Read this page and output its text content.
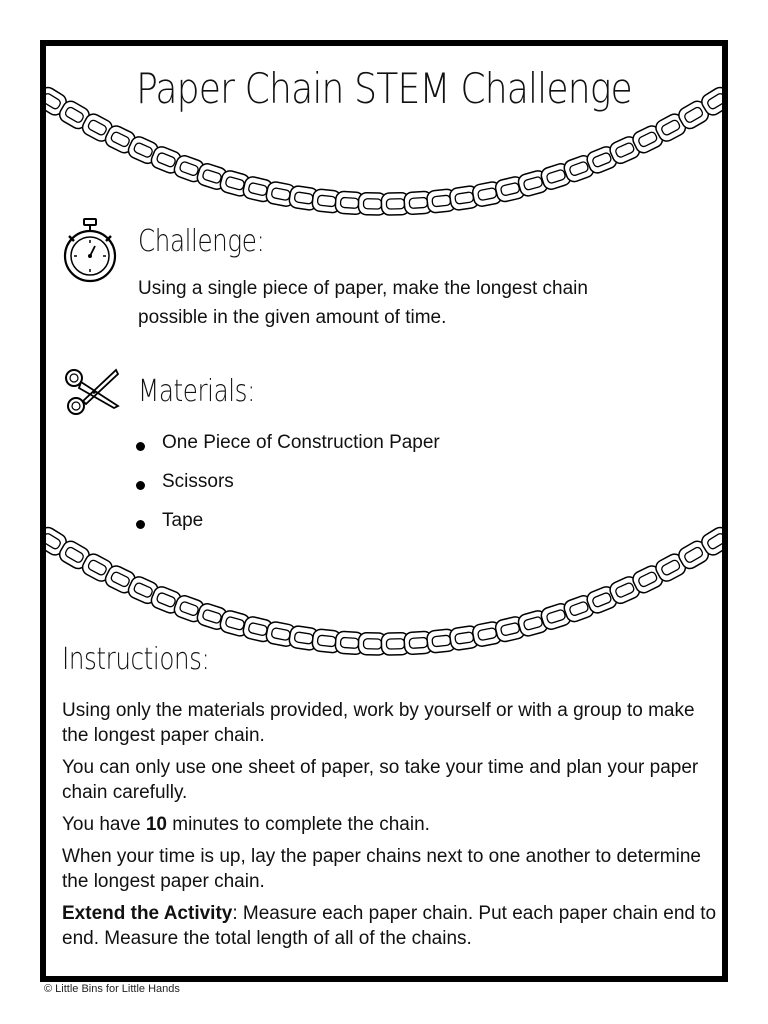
Paper Chain STEM Challenge
Challenge:
Using a single piece of paper, make the longest chain
possible in the given amount of time.
Materials:
One Piece of Construction Paper
Scissors
Tape
Instructions:

Using only the materials provided, work by yourself or with a group to make the longest paper chain.

You can only use one sheet of paper, so take your time and plan your paper chain carefully.

You have 10 minutes to complete the chain.

When your time is up, lay the paper chains next to one another to determine the longest paper chain.

Extend the Activity: Measure each paper chain. Put each paper chain end to end. Measure the total length of all of the chains.

© Little Bins for Little Hands
